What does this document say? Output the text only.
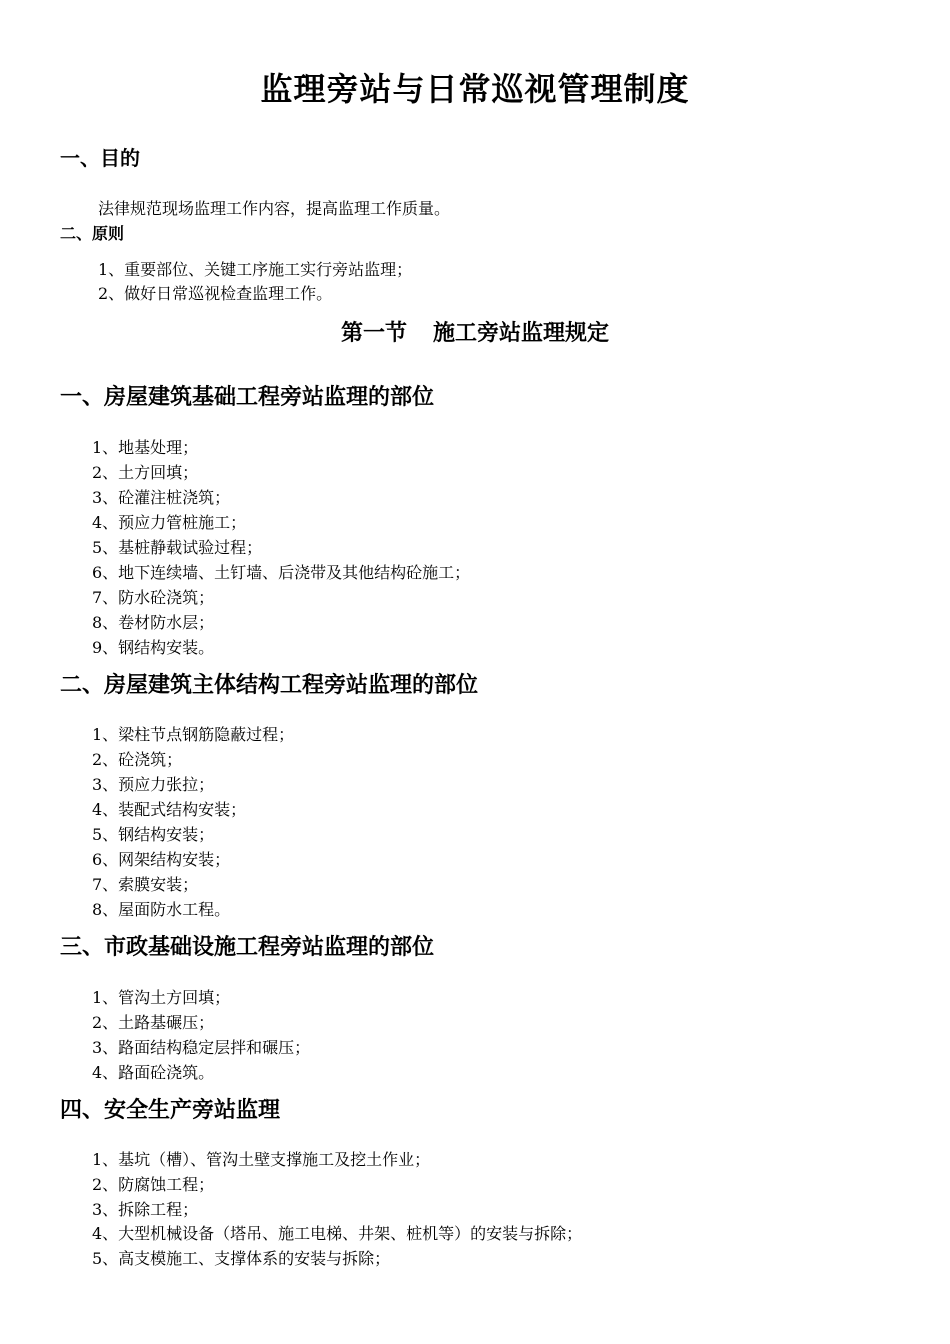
监理旁站与日常巡视管理制度
一、目的
法律规范现场监理工作内容，提高监理工作质量。
二、原则
1、重要部位、关键工序施工实行旁站监理；
2、做好日常巡视检查监理工作。
第一节 施工旁站监理规定
一、房屋建筑基础工程旁站监理的部位
1、地基处理；
2、土方回填；
3、砼灌注桩浇筑；
4、预应力管桩施工；
5、基桩静载试验过程；
6、地下连续墙、土钉墙、后浇带及其他结构砼施工；
7、防水砼浇筑；
8、卷材防水层；
9、钢结构安装。
二、房屋建筑主体结构工程旁站监理的部位
1、梁柱节点钢筋隐蔽过程；
2、砼浇筑；
3、预应力张拉；
4、装配式结构安装；
5、钢结构安装；
6、网架结构安装；
7、索膜安装；
8、屋面防水工程。
三、市政基础设施工程旁站监理的部位
1、管沟土方回填；
2、土路基碾压；
3、路面结构稳定层拌和碾压；
4、路面砼浇筑。
四、安全生产旁站监理
1、基坑（槽）、管沟土壁支撑施工及挖土作业；
2、防腐蚀工程；
3、拆除工程；
4、大型机械设备（塔吊、施工电梯、井架、桩机等）的安装与拆除；
5、高支模施工、支撑体系的安装与拆除；
